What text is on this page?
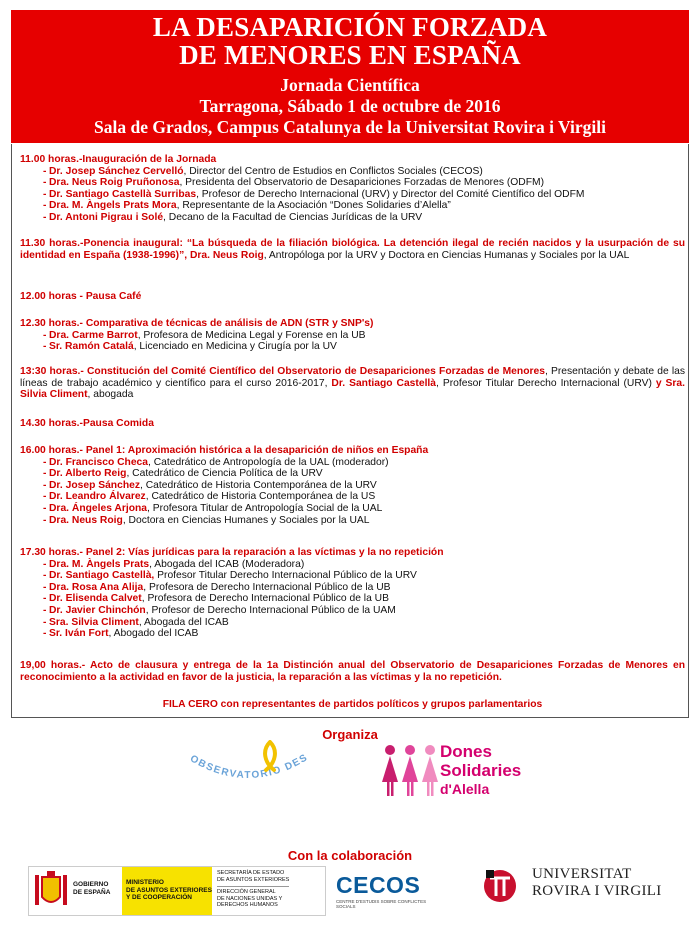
LA DESAPARICIÓN FORZADA
DE MENORES EN ESPAÑA
Jornada Científica
Tarragona, Sábado 1 de octubre de 2016
Sala de Grados, Campus Catalunya de la Universitat Rovira i Virgili
11.00 horas.-Inauguración de la Jornada
- Dr. Josep Sánchez Cervelló, Director del Centro de Estudios en Conflictos Sociales (CECOS)
- Dra. Neus Roig Pruñonosa, Presidenta del Observatorio de Desapariciones Forzadas de Menores (ODFM)
- Dr. Santiago Castellà Surribas, Profesor de Derecho Internacional (URV) y Director del Comité Científico del ODFM
- Dra. M. Àngels Prats Mora, Representante de la Asociación “Dones Solidaries d’Alella”
- Dr. Antoni Pigrau i Solé, Decano de la Facultad de Ciencias Jurídicas de la URV
11.30 horas.-Ponencia inaugural: “La búsqueda de la filiación biológica. La detención ilegal de recién nacidos y la usurpación de su identidad en España (1938-1996)”, Dra. Neus Roig, Antropóloga por la URV y Doctora en Ciencias Humanas y Sociales por la UAL
12.00 horas - Pausa Café
12.30 horas.- Comparativa de técnicas de análisis de ADN (STR y SNP's)
- Dra. Carme Barrot, Profesora de Medicina Legal y Forense en la UB
- Sr. Ramón Catalá, Licenciado en Medicina y Cirugía por la UV
13:30 horas.- Constitución del Comité Científico del Observatorio de Desapariciones Forzadas de Menores, Presentación y debate de las líneas de trabajo académico y científico para el curso 2016-2017, Dr. Santiago Castellà, Profesor Titular Derecho Internacional (URV) y Sra. Silvia Climent, abogada
14.30 horas.-Pausa Comida
16.00 horas.- Panel 1: Aproximación histórica a la desaparición de niños en España
- Dr. Francisco Checa, Catedrático de Antropología de la UAL (moderador)
- Dr. Alberto Reig, Catedrático de Ciencia Política de la URV
- Dr. Josep Sánchez, Catedrático de Historia Contemporánea de la URV
- Dr. Leandro Álvarez, Catedrático de Historia Contemporánea de la US
- Dra. Ángeles Arjona, Profesora Titular de Antropología Social de la UAL
- Dra. Neus Roig, Doctora en Ciencias Humanes y Sociales por la UAL
17.30 horas.- Panel 2: Vías jurídicas para la reparación a las víctimas y la no repetición
- Dra. M. Àngels Prats, Abogada del ICAB (Moderadora)
- Dr. Santiago Castellà, Profesor Titular Derecho Internacional Público de la URV
- Dra. Rosa Ana Alija, Profesora de Derecho Internacional Público de la UB
- Dr. Elisenda Calvet, Profesora de Derecho Internacional Público de la UB
- Dr. Javier Chinchón, Profesor de Derecho Internacional Público de la UAM
- Sra. Silvia Climent, Abogada del ICAB
- Sr. Iván Fort, Abogado del ICAB
19,00 horas.- Acto de clausura y entrega de la 1a Distinción anual del Observatorio de Desapariciones Forzadas de Menores en reconocimiento a la actividad en favor de la justicia, la reparación a las víctimas y la no repetición.
FILA CERO con representantes de partidos políticos y grupos parlamentarios
Organiza
OBSERVATORIO DES	Dones
Solidaries
d'Alella
Con la colaboración
GOBIERNO
DE ESPAÑA
MINISTERIO
DE ASUNTOS EXTERIORES
Y DE COOPERACIÓN
SECRETARÍA DE ESTADO
DE ASUNTOS EXTERIORES
DIRECCIÓN GENERAL
DE NACIONES UNIDAS Y
DERECHOS HUMANOS
CECOS
CENTRE D'ESTUDIS SOBRE CONFLICTES SOCIALS
UNIVERSITAT
ROVIRA I VIRGILI
